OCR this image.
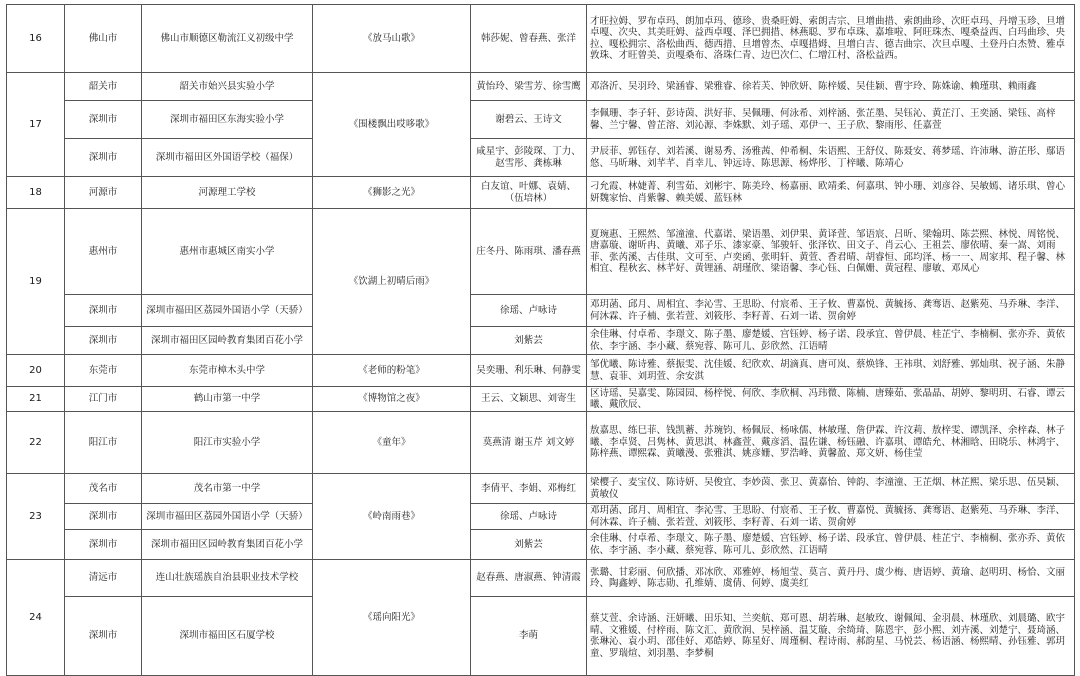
16	佛山市	佛山市顺德区勒流江义初级中学	《放马山歌》	韩莎妮、曾春燕、张洋	才旺拉姆、罗布卓玛、朗加卓玛、德珍、贵桑旺姆、索朗吉宗、旦增曲措、索朗曲珍、次旺卓玛、丹增玉珍、旦增卓嘎、次央、其美旺姆、益西卓嘎、泽巴拥措、林燕聪、罗布卓珠、嘉堆啦、阿旺珠杰、嘎桑益西、白玛曲珍、央拉、嘎松拥宗、洛松曲西、德西措、旦增曾杰、卓嘎措姆、旦增白吉、德吉曲宗、次旦卓嘎、土登丹白杰赞、雅卓敦珠、才旺曾美、贡嘎桑布、洛珠仁青、边巴次仁、仁增江村、洛松益西。
17	韶关市	韶关市始兴县实验小学	《围楼飘出哎哆歌》	黄怡玲、梁雪芳、徐雪鹰	邓洛沂、吴羽玲、梁涵睿、梁雅睿、徐若芙、钟欣妍、陈梓媛、吴佳颖、曹宇玲、陈姝谕、赖瑾琪、赖雨鑫
	深圳市	深圳市福田区东海实验小学		谢碧云、王诗文	李佩珊、李子轩、彭诗茵、洪好菲、吴佩珊、何泳希、刘梓涵、张芷墨、吴钰沁、黄芷汀、王奕涵、梁钰、高梓馨、兰宁馨、曾芷溶、刘沁源、李姝默、刘子瑶、邓伊一、王子欣、黎雨彤、任嘉萱
	深圳市	深圳市福田区外国语学校（福保）		咸星宇、彭陵琛、丁力、赵雪彤、龚栋琳	尹辰菲、郭钰存、刘若溪、谢易秀、汤雅茜、仲希桐、朱语熙、王舒仪、陈聂安、蒋梦瑶、许沛琳、游芷彤、鄢语悠、马昕琳、刘芊芊、肖幸儿、钟远诗、陈思源、杨烨彤、丁梓曦、陈靖心
18	河源市	河源理工学校	《狮影之光》	白友谊、叶娜、袁婧、（伍培林）	刁允霞、林婕菁、利雪茹、刘彬宇、陈美玲、杨嘉丽、欧靖柔、何嘉琪、钟小珊、刘彦谷、吴敏嫣、诸乐琪、曾心妍魏家怡、肖紫馨、赖美媛、蓝钰林
19	惠州市	惠州市惠城区南实小学	《饮湖上初晴后雨》	庄冬丹、陈雨琪、潘春燕	夏琬惠、王熙然、邹潼潼、代嘉诺、梁语墨、刘伊果、黄译萱、邹语宸、吕昕、梁翰玥、陈芸熙、林悦、周铭悦、唐嘉璇、谢昕冉、黄曦、邓子乐、漆家豪、邹骏轩、张泽钦、田文子、肖云心、王祖芸、廖依晴、秦一嵩、刘雨菲、张芮溪、古佳琪、文可至、卢奕函、张明轩、黄萱、香君晴、胡睿恒、邱均泽、杨一一、周家邦、程子馨、林相宜、程秋玄、林芊好、黄锂涵、胡瑾欣、梁语馨、李心钰、白佩姗、黄冠程、廖敏、邓凤心
	深圳市	深圳市福田区荔园外国语小学（天骄）		徐瑶、卢咏诗	邓玥菡、邱月、周相宜、李沁雪、王思盼、付宸希、王子攸、曹嘉悦、黄毓扬、龚骞语、赵紫苑、马乔琳、李洋、何沐霖、许子楠、张若萱、刘筱彤、李籽菁、石刘一诺、贺俞婷
	深圳市	深圳市福田区园岭教育集团百花小学		刘紫芸	余佳琳、付卓希、李璟文、陈子墨、廖楚媛、宫钰婷、杨子诺、段承宜、曾伊晨、桂芷宁、李楠桐、张亦乔、黄依依、李宇涵、李小藏、蔡宛蓉、陈可儿、彭欣然、江语晴
20	东莞市	东莞市樟木头中学	《老师的粉笔》	吴奕珊、利乐琳、何静雯	邹优曦、陈诗雅、蔡振雯、沈佳媛、纪欣欢、胡滴真、唐可岚、蔡焕锋、王祎琪、刘舒雅、郭灿琪、祝子涵、朱静慧、袁菲、刘玥萱、余安淇
21	江门市	鹤山市第一中学	《博物馆之夜》	王云、文颖思、刘寄生	区诗瑶、吴嘉雯、陈园园、杨梓悦、何欣、李欣桐、冯玮微、陈楠、唐臻茹、张晶晶、胡婷、黎明玥、石睿、谭云曦、戴欣辰、
22	阳江市	阳江市实验小学	《童年》	莫燕清 谢玉芹 刘文婷	敖嘉思、练巳菲、钱凯蓄、苏琬钧、杨佩辰、杨咏儒、林敏瑾、詹伊霖、许汶莉、敖梓雯、谭凯泽、余梓森、林子曦、李卓贤、吕隽林、黄思淇、林鑫萱、戴彦滔、温佐谦、杨钰融、许嘉琪、谭皓允、林湘晗、田晓乐、林鸿宇、陈梓燕、谭熙霖、黄曦漫、张雅淇、姚彦姗、罗浩峰、黄馨盈、郑文妍、杨佳莹
23	茂名市	茂名市第一中学	《岭南雨巷》	李倩平、李娟、邓梅红	梁樱子、麦宝仪、陈诗妍、吴俊宜、李妙茵、张卫、黄嘉怡、钟韵、李潼潼、王芷烟、林芷熙、梁乐思、伍昊颖、黄敏仪
	深圳市	深圳市福田区荔园外国语小学（天骄）		徐瑶、卢咏诗	邓玥菡、邱月、周相宜、李沁雪、王思盼、付宸希、王子攸、曹嘉悦、黄毓扬、龚骞语、赵紫苑、马乔琳、李洋、何沐霖、许子楠、张若萱、刘筱彤、李籽菁、石刘一诺、贺俞婷
	深圳市	深圳市福田区园岭教育集团百花小学		刘紫芸	余佳琳、付卓希、李璟文、陈子墨、廖楚媛、宫钰婷、杨子诺、段承宜、曾伊晨、桂芷宁、李楠桐、张亦乔、黄依依、李宇涵、李小藏、蔡宛蓉、陈可儿、彭欣然、江语晴
24	清远市	连山壮族瑶族自治县职业技术学校	《瑶向阳光》	赵春燕、唐淑燕、钟清霞	张璐、甘彩丽、何欣播、邓冰欣、邓雅婷、杨旭莹、莫言、黄丹丹、虞少梅、唐语婷、黄瑜、赵明玥、杨恰、文丽玲、陶鑫婷、陈志勋、孔维婧、虞倩、何婷、虞美红
	深圳市	深圳市福田区石厦学校		李萌	蔡艾萱、余诗涵、汪妍曦、田乐知、兰奕航、郑可恩、胡若琳、赵敏玫、谢佩闻、金羽晨、林瑾欣、刘晨璐、欧宇晴、文雅媛、付梓雨、陈文汇、黄欣润、吴梓涵、温艾璇、余绮琦、陈恩宇、彭小熙、刘卉溪、刘楚宁、聂琦涵、张琳沁、袁小玥、邵佳好、邓皓婷、陈星好、周瑾桐、程诗雨、郝韵星、马悦芸、杨语涵、杨熙晴、孙钰雅、郭玥童、罗瑞煊、刘羽墨、李梦桐
